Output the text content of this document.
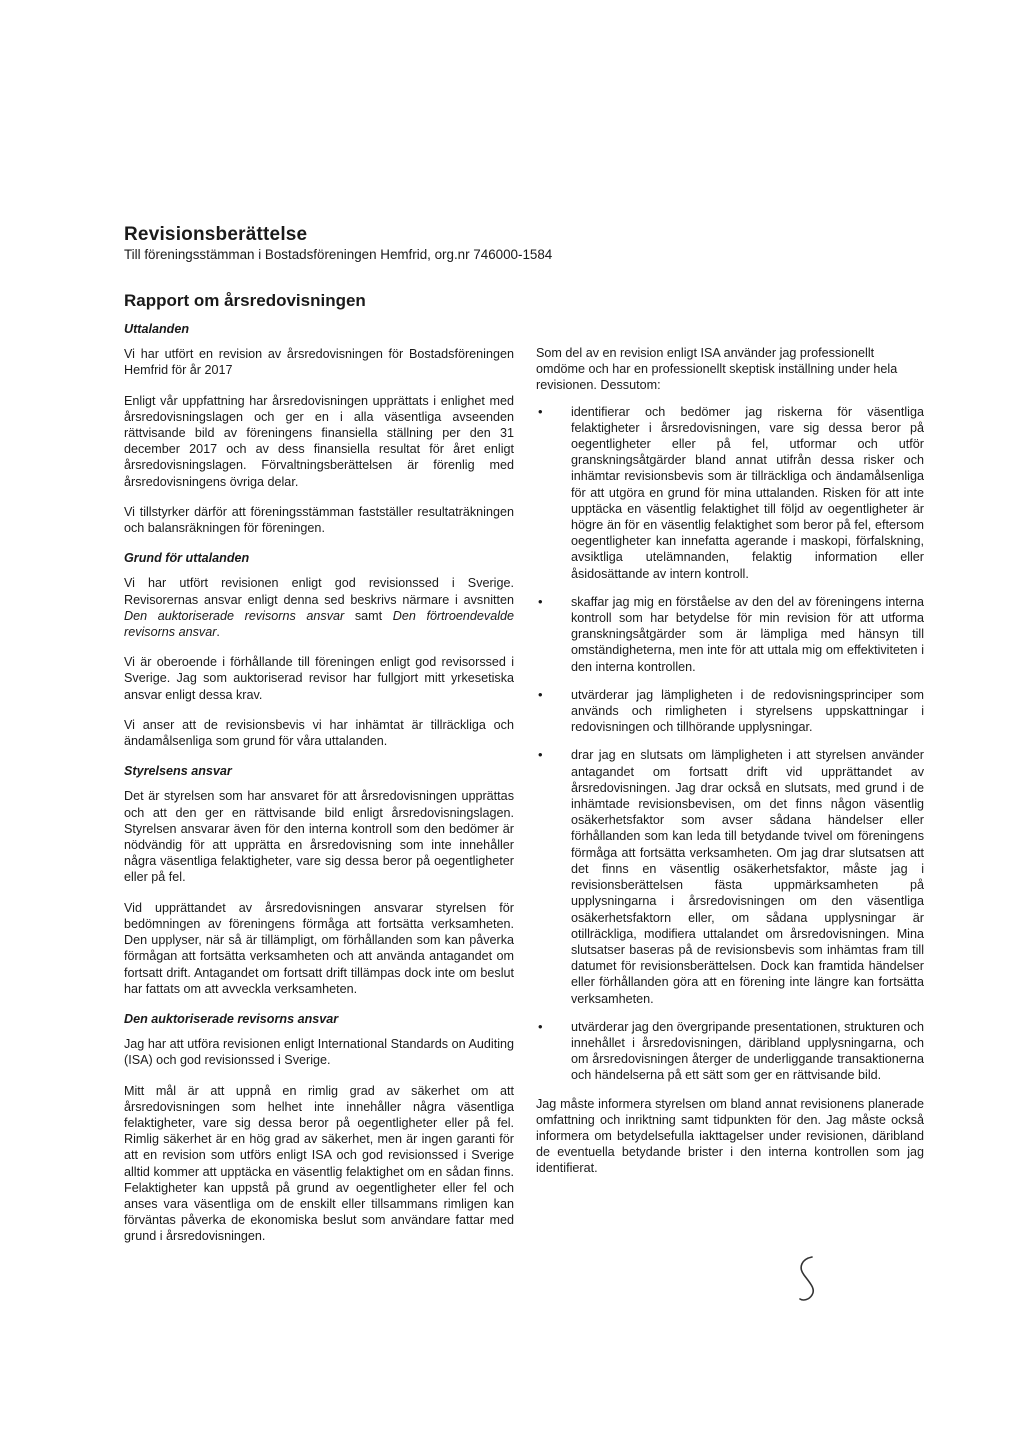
Revisionsberättelse

Till föreningsstämman i Bostadsföreningen Hemfrid, org.nr 746000-1584

Rapport om årsredovisningen

Uttalanden

Vi har utfört en revision av årsredovisningen för Bostadsföreningen Hemfrid för år 2017

Enligt vår uppfattning har årsredovisningen upprättats i enlighet med årsredovisningslagen och ger en i alla väsentliga avseenden rättvisande bild av föreningens finansiella ställning per den 31 december 2017 och av dess finansiella resultat för året enligt årsredovisningslagen. Förvaltningsberättelsen är förenlig med årsredovisningens övriga delar.

Vi tillstyrker därför att föreningsstämman fastställer resultaträkningen och balansräkningen för föreningen.

Grund för uttalanden

Vi har utfört revisionen enligt god revisionssed i Sverige. Revisorernas ansvar enligt denna sed beskrivs närmare i avsnitten Den auktoriserade revisorns ansvar samt Den förtroendevalde revisorns ansvar.

Vi är oberoende i förhållande till föreningen enligt god revisorssed i Sverige. Jag som auktoriserad revisor har fullgjort mitt yrkesetiska ansvar enligt dessa krav.

Vi anser att de revisionsbevis vi har inhämtat är tillräckliga och ändamålsenliga som grund för våra uttalanden.

Styrelsens ansvar

Det är styrelsen som har ansvaret för att årsredovisningen upprättas och att den ger en rättvisande bild enligt årsredovisningslagen. Styrelsen ansvarar även för den interna kontroll som den bedömer är nödvändig för att upprätta en årsredovisning som inte innehåller några väsentliga felaktigheter, vare sig dessa beror på oegentligheter eller på fel.

Vid upprättandet av årsredovisningen ansvarar styrelsen för bedömningen av föreningens förmåga att fortsätta verksamheten. Den upplyser, när så är tillämpligt, om förhållanden som kan påverka förmågan att fortsätta verksamheten och att använda antagandet om fortsatt drift. Antagandet om fortsatt drift tillämpas dock inte om beslut har fattats om att avveckla verksamheten.

Den auktoriserade revisorns ansvar

Jag har att utföra revisionen enligt International Standards on Auditing (ISA) och god revisionssed i Sverige.

Mitt mål är att uppnå en rimlig grad av säkerhet om att årsredovisningen som helhet inte innehåller några väsentliga felaktigheter, vare sig dessa beror på oegentligheter eller på fel. Rimlig säkerhet är en hög grad av säkerhet, men är ingen garanti för att en revision som utförs enligt ISA och god revisionssed i Sverige alltid kommer att upptäcka en väsentlig felaktighet om en sådan finns. Felaktigheter kan uppstå på grund av oegentligheter eller fel och anses vara väsentliga om de enskilt eller tillsammans rimligen kan förväntas påverka de ekonomiska beslut som användare fattar med grund i årsredovisningen.

Som del av en revision enligt ISA använder jag professionellt omdöme och har en professionellt skeptisk inställning under hela revisionen. Dessutom:

• identifierar och bedömer jag riskerna för väsentliga felaktigheter i årsredovisningen, vare sig dessa beror på oegentligheter eller på fel, utformar och utför granskningsåtgärder bland annat utifrån dessa risker och inhämtar revisionsbevis som är tillräckliga och ändamålsenliga för att utgöra en grund för mina uttalanden. Risken för att inte upptäcka en väsentlig felaktighet till följd av oegentligheter är högre än för en väsentlig felaktighet som beror på fel, eftersom oegentligheter kan innefatta agerande i maskopi, förfalskning, avsiktliga utelämnanden, felaktig information eller åsidosättande av intern kontroll.
• skaffar jag mig en förståelse av den del av föreningens interna kontroll som har betydelse för min revision för att utforma granskningsåtgärder som är lämpliga med hänsyn till omständigheterna, men inte för att uttala mig om effektiviteten i den interna kontrollen.
• utvärderar jag lämpligheten i de redovisningsprinciper som används och rimligheten i styrelsens uppskattningar i redovisningen och tillhörande upplysningar.
• drar jag en slutsats om lämpligheten i att styrelsen använder antagandet om fortsatt drift vid upprättandet av årsredovisningen. Jag drar också en slutsats, med grund i de inhämtade revisionsbevisen, om det finns någon väsentlig osäkerhetsfaktor som avser sådana händelser eller förhållanden som kan leda till betydande tvivel om föreningens förmåga att fortsätta verksamheten. Om jag drar slutsatsen att det finns en väsentlig osäkerhetsfaktor, måste jag i revisionsberättelsen fästa uppmärksamheten på upplysningarna i årsredovisningen om den väsentliga osäkerhetsfaktorn eller, om sådana upplysningar är otillräckliga, modifiera uttalandet om årsredovisningen. Mina slutsatser baseras på de revisionsbevis som inhämtas fram till datumet för revisionsberättelsen. Dock kan framtida händelser eller förhållanden göra att en förening inte längre kan fortsätta verksamheten.
• utvärderar jag den övergripande presentationen, strukturen och innehållet i årsredovisningen, däribland upplysningarna, och om årsredovisningen återger de underliggande transaktionerna och händelserna på ett sätt som ger en rättvisande bild.

Jag måste informera styrelsen om bland annat revisionens planerade omfattning och inriktning samt tidpunkten för den. Jag måste också informera om betydelsefulla iakttagelser under revisionen, däribland de eventuella betydande brister i den interna kontrollen som jag identifierat.
